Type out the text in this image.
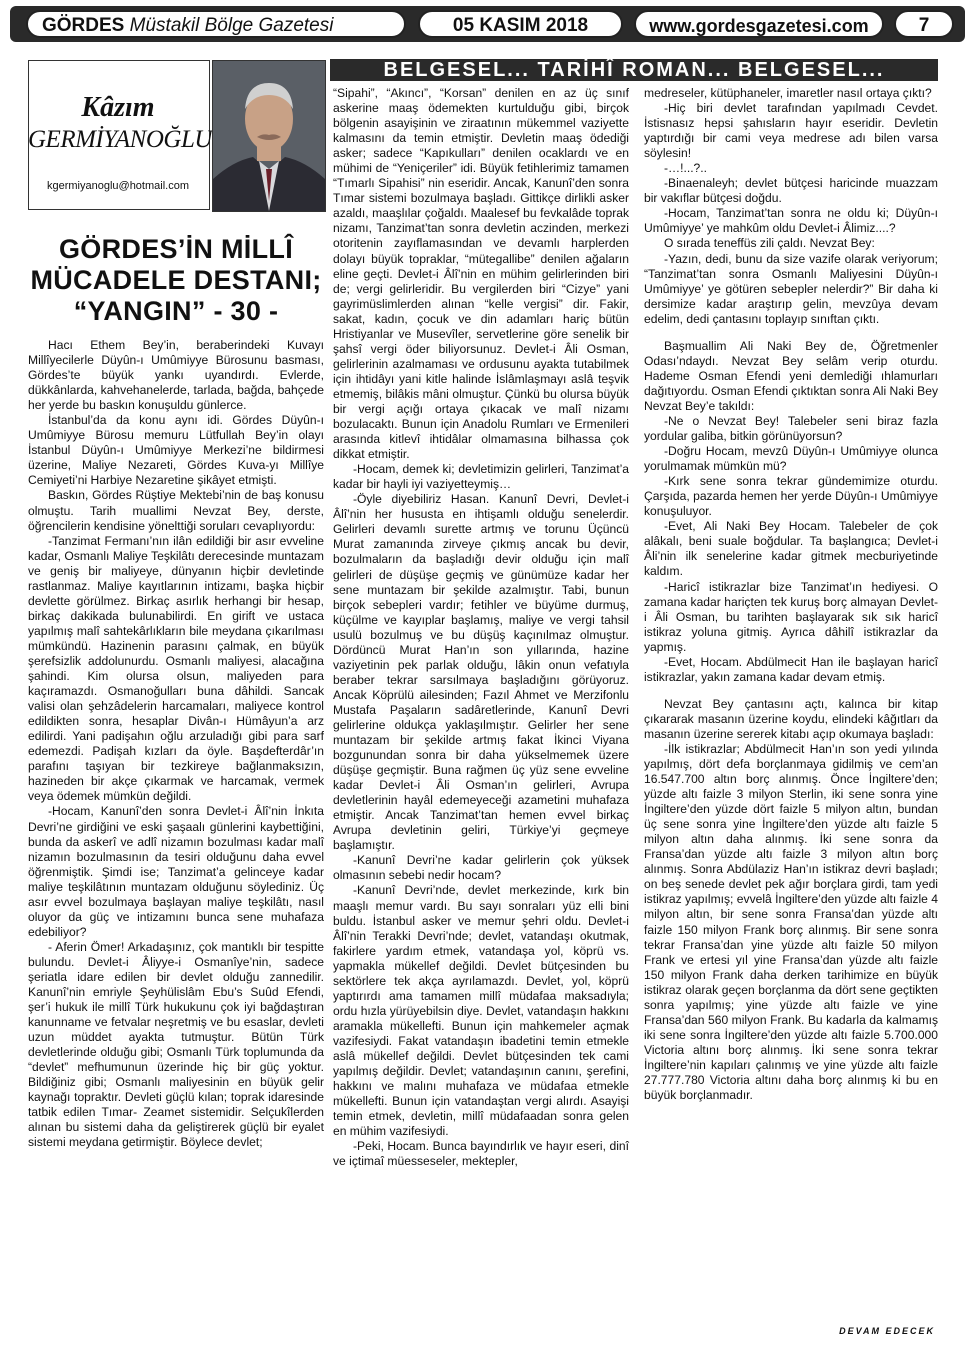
GÖRDES Müstakil Bölge Gazetesi	05 KASIM 2018	www.gordesgazetesi.com	7
BELGESEL... TARİHÎ ROMAN... BELGESEL...
Kâzım
GERMİYANOĞLU
kgermiyanoglu@hotmail.com
GÖRDES’İN MİLLÎ
MÜCADELE DESTANI;
“YANGIN” - 30 -

Hacı Ethem Bey’in, beraberindeki Kuvayı Millîyecilerle Düyûn-ı Umûmiyye Bürosunu basması, Gördes’te büyük yankı uyandırdı. Evlerde, dükkânlarda, kahvehanelerde, tarlada, bağda, bahçede her yerde bu baskın konuşuldu günlerce.

İstanbul’da da konu aynı idi. Gördes Düyûn-ı Umûmiyye Bürosu memuru Lütfullah Bey’in olayı İstanbul Düyûn-ı Umûmiyye Merkezi’ne bildirmesi üzerine, Maliye Nezareti, Gördes Kuva-yı Millîye Cemiyeti’ni Harbiye Nezaretine şikâyet etmişti.

Baskın, Gördes Rüştiye Mektebi’nin de baş konusu olmuştu. Tarih muallimi Nevzat Bey, derste, öğrencilerin kendisine yönelttiği soruları cevaplıyordu:

-Tanzimat Fermanı’nın ilân edildiği bir asır evveline kadar, Osmanlı Maliye Teşkilâtı derecesinde muntazam ve geniş bir maliyeye, dünyanın hiçbir devletinde rastlanmaz. Maliye kayıtlarının intizamı, başka hiçbir devlette görülmez. Birkaç asırlık herhangi bir hesap, birkaç dakikada bulunabilirdi. En girift ve ustaca yapılmış malî sahtekârlıkların bile meydana çıkarılması mümkündü. Hazinenin parasını çalmak, en büyük şerefsizlik addolunurdu. Osmanlı maliyesi, alacağına şahindi. Kim olursa olsun, maliyeden para kaçıramazdı. Osmanoğulları buna dâhildi. Sancak valisi olan şehzâdelerin harcamaları, maliyece kontrol edildikten sonra, hesaplar Divân-ı Hümâyun’a arz edilirdi. Yani padişahın oğlu arzuladığı gibi para sarf edemezdi. Padişah kızları da öyle. Başdefterdâr’ın parafını taşıyan bir tezkireye bağlanmaksızın, hazineden bir akçe çıkarmak ve harcamak, vermek veya ödemek mümkün değildi.

-Hocam, Kanunî’den sonra Devlet-i Âlî’nin İnkıta Devri’ne girdiğini ve eski şaşaalı günlerini kaybettiğini, bunda da askerî ve adlî nizamın bozulması kadar malî nizamın bozulmasının da tesiri olduğunu daha evvel öğrenmiştik. Şimdi ise; Tanzimat’a gelinceye kadar maliye teşkilâtının muntazam olduğunu söylediniz. Üç asır evvel bozulmaya başlayan maliye teşkilâtı, nasıl oluyor da güç ve intizamını bunca sene muhafaza edebiliyor?

- Aferin Ömer! Arkadaşınız, çok mantıklı bir tespitte bulundu. Devlet-i Âliyye-i Osmanîye’nin, sadece şeriatla idare edilen bir devlet olduğu zannedilir. Kanunî’nin emriyle Şeyhülislâm Ebu’s Suûd Efendi, şer’i hukuk ile millî Türk hukukunu çok iyi bağdaştıran kanunname ve fetvalar neşretmiş ve bu esaslar, devleti uzun müddet ayakta tutmuştur. Bütün Türk devletlerinde olduğu gibi; Osmanlı Türk toplumunda da “devlet” mefhumunun üzerinde hiç bir güç yoktur. Bildiğiniz gibi; Osmanlı maliyesinin en büyük gelir kaynağı topraktır. Devleti güçlü kılan; toprak idaresinde tatbik edilen Tımar- Zeamet sistemidir. Selçukîlerden alınan bu sistemi daha da geliştirerek güçlü bir eyalet sistemi meydana getirmiştir. Böylece devlet;

“Sipahi”, “Akıncı”, “Korsan” denilen en az üç sınıf askerine maaş ödemekten kurtulduğu gibi, birçok bölgenin asayişinin ve ziraatının mükemmel vaziyette kalmasını da temin etmiştir. Devletin maaş ödediği asker; sadece “Kapıkulları” denilen ocaklardı ve en mühimi de “Yeniçeriler” idi. Büyük fetihlerimiz tamamen “Tımarlı Sipahisi” nin eseridir. Ancak, Kanunî’den sonra Tımar sistemi bozulmaya başladı. Gittikçe dirlikli asker azaldı, maaşlılar çoğaldı. Maalesef bu fevkalâde toprak nizamı, Tanzimat’tan sonra devletin aczinden, merkezi otoritenin zayıflamasından ve devamlı harplerden dolayı büyük topraklar, “mütegallibe” denilen ağaların eline geçti. Devlet-i Âlî’nin en mühim gelirlerinden biri de; vergi gelirleridir. Bu vergilerden biri “Cizye” yani gayrimüslimlerden alınan “kelle vergisi” dir. Fakir, sakat, kadın, çocuk ve din adamları hariç bütün Hristiyanlar ve Musevîler, servetlerine göre senelik bir şahsî vergi öder biliyorsunuz. Devlet-i Âli Osman, gelirlerinin azalmaması ve ordusunu ayakta tutabilmek için ihtidâyı yani kitle halinde İslâmlaşmayı aslâ teşvik etmemiş, bilâkis mâni olmuştur. Çünkü bu olursa büyük bir vergi açığı ortaya çıkacak ve malî nizamı bozulacaktı. Bunun için Anadolu Rumları ve Ermenileri arasında kitlevî ihtidâlar olmamasına bilhassa çok dikkat etmiştir.

-Hocam, demek ki; devletimizin gelirleri, Tanzimat’a kadar bir hayli iyi vaziyetteymiş…

-Öyle diyebiliriz Hasan. Kanunî Devri, Devlet-i Âlî’nin her hususta en ihtişamlı olduğu senelerdir. Gelirleri devamlı surette artmış ve torunu Üçüncü Murat zamanında zirveye çıkmış ancak bu devir, bozulmaların da başladığı devir olduğu için malî gelirleri de düşüşe geçmiş ve günümüze kadar her sene muntazam bir şekilde azalmıştır. Tabi, bunun birçok sebepleri vardır; fetihler ve büyüme durmuş, küçülme ve kayıplar başlamış, maliye ve vergi tahsil usulü bozulmuş ve bu düşüş kaçınılmaz olmuştur. Dördüncü Murat Han’ın son yıllarında, hazine vaziyetinin pek parlak olduğu, lâkin onun vefatıyla beraber tekrar sarsılmaya başladığını görüyoruz. Ancak Köprülü ailesinden; Fazıl Ahmet ve Merzifonlu Mustafa Paşaların sadâretlerinde, Kanunî Devri gelirlerine oldukça yaklaşılmıştır. Gelirler her sene muntazam bir şekilde artmış fakat İkinci Viyana bozgunundan sonra bir daha yükselmemek üzere düşüşe geçmiştir. Buna rağmen üç yüz sene evveline kadar Devlet-i Âli Osman’ın gelirleri, Avrupa devletlerinin hayâl edemeyeceği azametini muhafaza etmiştir. Ancak Tanzimat’tan hemen evvel birkaç Avrupa devletinin geliri, Türkiye’yi geçmeye başlamıştır.

-Kanunî Devri’ne kadar gelirlerin çok yüksek olmasının sebebi nedir hocam?

-Kanunî Devri’nde, devlet merkezinde, kırk bin maaşlı memur vardı. Bu sayı sonraları yüz elli bini buldu. İstanbul asker ve memur şehri oldu. Devlet-i Âlî’nin Terakki Devri’nde; devlet, vatandaşı okutmak, fakirlere yardım etmek, vatandaşa yol, köprü vs. yapmakla mükellef değildi. Devlet bütçesinden bu sektörlere tek akça ayrılamazdı. Devlet, yol, köprü yaptırırdı ama tamamen millî müdafaa maksadıyla; ordu hızla yürüyebilsin diye. Devlet, vatandaşın hakkını aramakla mükellefti. Bunun için mahkemeler açmak vazifesiydi. Fakat vatandaşın ibadetini temin etmekle aslâ mükellef değildi. Devlet bütçesinden tek cami yapılmış değildir. Devlet; vatandaşının canını, şerefini, hakkını ve malını muhafaza ve müdafaa etmekle mükellefti. Bunun için vatandaştan vergi alırdı. Asayişi temin etmek, devletin, millî müdafaadan sonra gelen en mühim vazifesiydi.

-Peki, Hocam. Bunca bayındırlık ve hayır eseri, dinî ve içtimaî müesseseler, mektepler,

medreseler, kütüphaneler, imaretler nasıl ortaya çıktı?

-Hiç biri devlet tarafından yapılmadı Cevdet. İstisnasız hepsi şahısların hayır eseridir. Devletin yaptırdığı bir cami veya medrese adı bilen varsa söylesin!

-…!...?..

-Binaenaleyh; devlet bütçesi haricinde muazzam bir vakıflar bütçesi doğdu.

-Hocam, Tanzimat’tan sonra ne oldu ki; Düyûn-ı Umûmiyye’ ye mahkûm oldu Devlet-i Âlimiz....?

O sırada teneffüs zili çaldı. Nevzat Bey:

-Yazın, dedi, bunu da size vazife olarak veriyorum; “Tanzimat’tan sonra Osmanlı Maliyesini Düyûn-ı Umûmiyye’ ye götüren sebepler nelerdir?” Bir daha ki dersimize kadar araştırıp gelin, mevzûya devam edelim, dedi çantasını toplayıp sınıftan çıktı.

Başmuallim Ali Naki Bey de, Öğretmenler Odası’ndaydı. Nevzat Bey selâm verip oturdu. Hademe Osman Efendi yeni demlediği ıhlamurları dağıtıyordu. Osman Efendi çıktıktan sonra Ali Naki Bey Nevzat Bey’e takıldı:

-Ne o Nevzat Bey! Talebeler seni biraz fazla yordular galiba, bitkin görünüyorsun?

-Doğru Hocam, mevzû Düyûn-ı Umûmiyye olunca yorulmamak mümkün mü?

-Kırk sene sonra tekrar gündemimize oturdu. Çarşıda, pazarda hemen her yerde Düyûn-ı Umûmiyye konuşuluyor.

-Evet, Ali Naki Bey Hocam. Talebeler de çok alâkalı, beni suale boğdular. Ta başlangıca; Devlet-i Âli’nin ilk senelerine kadar gitmek mecburiyetinde kaldım.

-Haricî istikrazlar bize Tanzimat’ın hediyesi. O zamana kadar hariçten tek kuruş borç almayan Devlet-i Âli Osman, bu tarihten başlayarak sık sık haricî istikraz yoluna gitmiş. Ayrıca dâhilî istikrazlar da yapmış.

-Evet, Hocam. Abdülmecit Han ile başlayan haricî istikrazlar, yakın zamana kadar devam etmiş.

Nevzat Bey çantasını açtı, kalınca bir kitap çıkararak masanın üzerine koydu, elindeki kâğıtları da masanın üzerine sererek kitabı açıp okumaya başladı:

-İlk istikrazlar; Abdülmecit Han’ın son yedi yılında yapılmış, dört defa borçlanmaya gidilmiş ve cem’an 16.547.700 altın borç alınmış. Önce İngiltere’den; yüzde altı faizle 3 milyon Sterlin, iki sene sonra yine İngiltere’den yüzde dört faizle 5 milyon altın, bundan üç sene sonra yine İngiltere’den yüzde altı faizle 5 milyon altın daha alınmış. İki sene sonra da Fransa’dan yüzde altı faizle 3 milyon altın borç alınmış. Sonra Abdülaziz Han’ın istikraz devri başladı; on beş senede devlet pek ağır borçlara girdi, tam yedi istikraz yapılmış; evvelâ İngiltere’den yüzde altı faizle 4 milyon altın, bir sene sonra Fransa’dan yüzde altı faizle 150 milyon Frank borç alınmış. Bir sene sonra tekrar Fransa’dan yine yüzde altı faizle 50 milyon Frank ve ertesi yıl yine Fransa’dan yüzde altı faizle 150 milyon Frank daha derken tarihimize en büyük istikraz olarak geçen borçlanma da dört sene geçtikten sonra yapılmış; yine yüzde altı faizle ve yine Fransa’dan 560 milyon Frank. Bu kadarla da kalmamış iki sene sonra İngiltere’den yüzde altı faizle 5.700.000 Victoria altını borç alınmış. İki sene sonra tekrar İngiltere’nin kapıları çalınmış ve yine yüzde altı faizle 27.777.780 Victoria altını daha borç alınmış ki bu en büyük borçlanmadır.

DEVAM EDECEK
